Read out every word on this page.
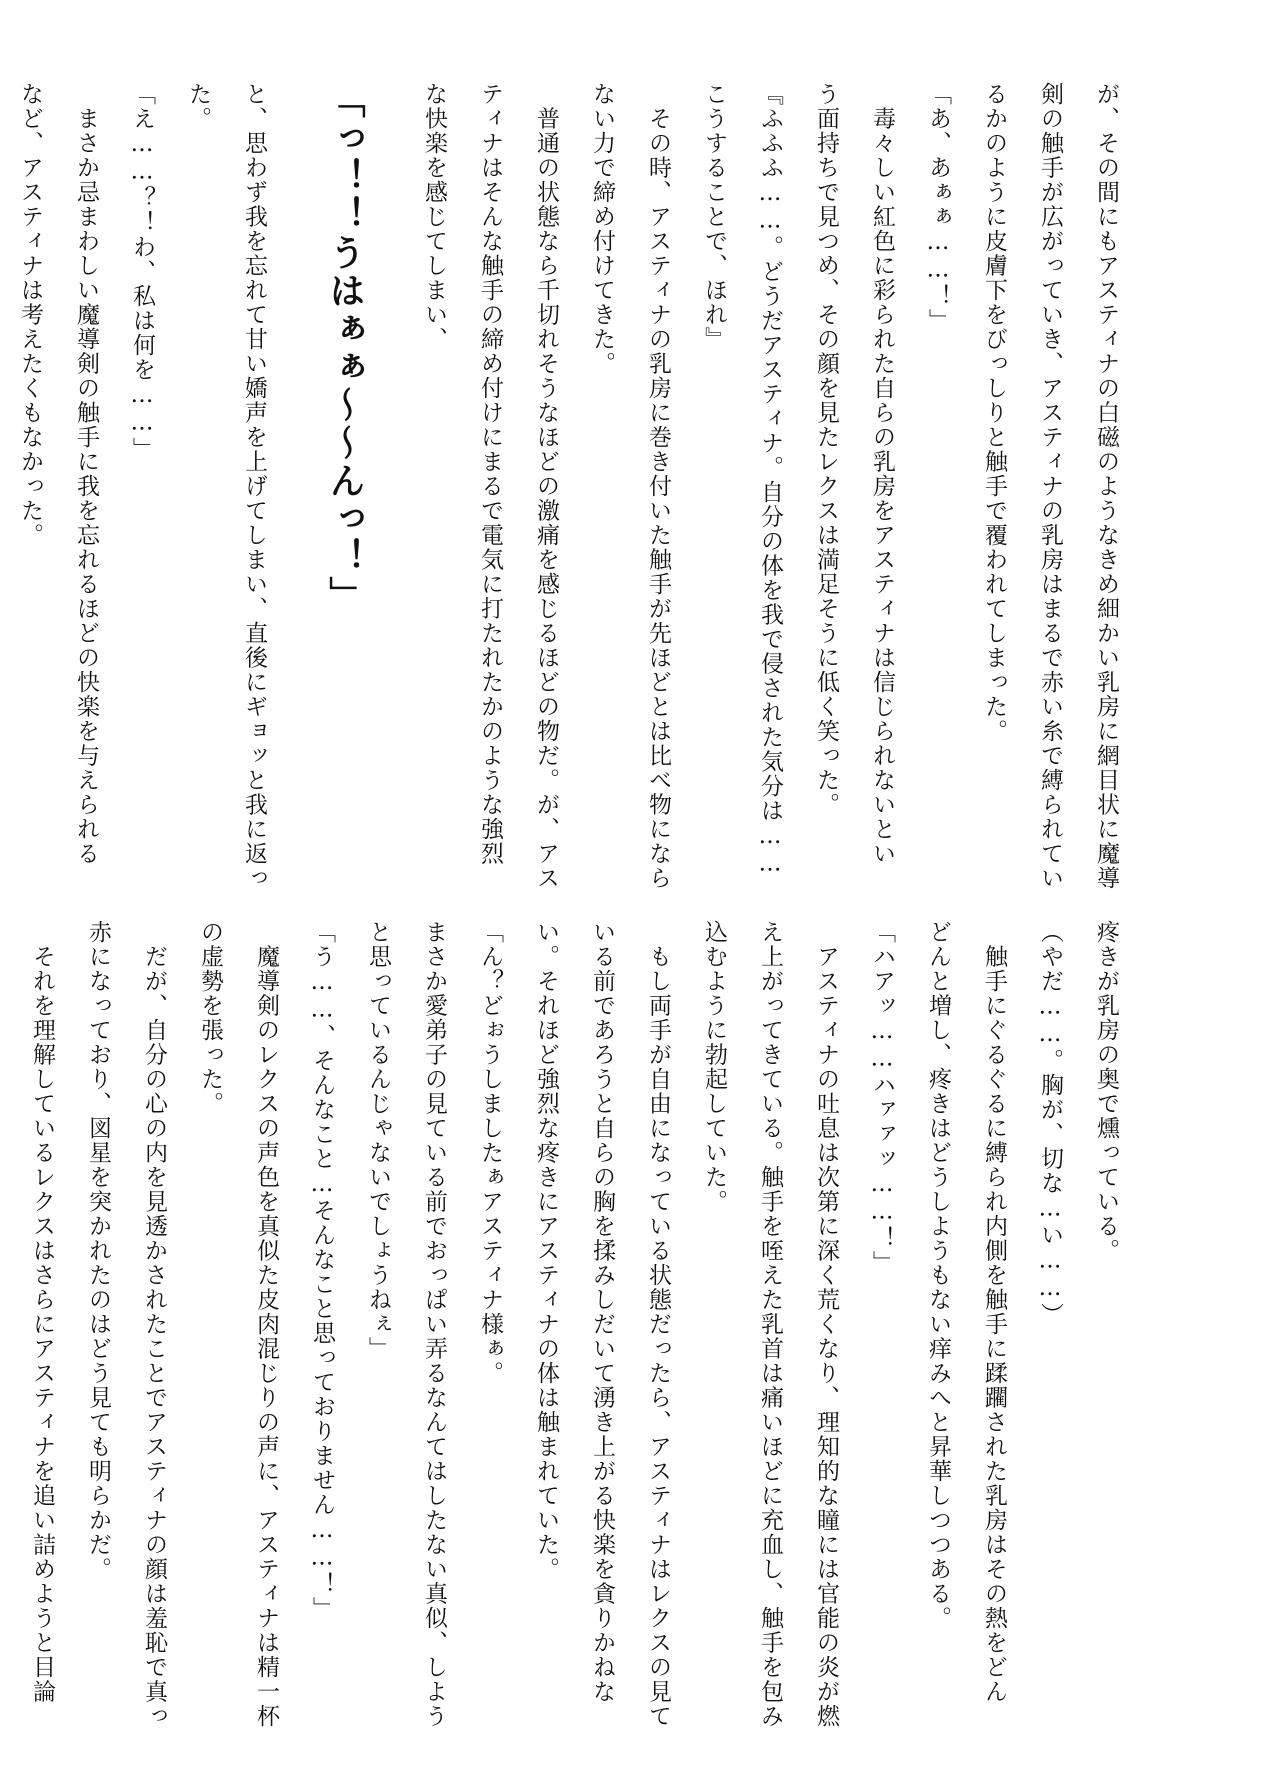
が、その間にもアスティナの白磁のようなきめ細かい乳房に網目状に魔導
剣の触手が広がっていき、アスティナの乳房はまるで赤い糸で縛られてい
るかのように皮膚下をびっしりと触手で覆われてしまった。
「あ、あぁぁ……！」
　毒々しい紅色に彩られた自らの乳房をアスティナは信じられないとい
う面持ちで見つめ、その顔を見たレクスは満足そうに低く笑った。
『ふふふ……。どうだアスティナ。自分の体を我で侵された気分は……
こうすることで、ほれ』
　その時、アスティナの乳房に巻き付いた触手が先ほどとは比べ物になら
ない力で締め付けてきた。
　普通の状態なら千切れそうなほどの激痛を感じるほどの物だ。が、アス
ティナはそんな触手の締め付けにまるで電気に打たれたかのような強烈
な快楽を感じてしまい、
「っ！！うはぁぁ〜〜んっ！」
と、思わず我を忘れて甘い嬌声を上げてしまい、直後にギョッと我に返っ
た。
「え……？！わ、私は何を……」
　まさか忌まわしい魔導剣の触手に我を忘れるほどの快楽を与えられる
など、アスティナは考えたくもなかった。
疼きが乳房の奥で燻っている。
（やだ……。胸が、切な…い……）
　触手にぐるぐるに縛られ内側を触手に蹂躙された乳房はその熱をどん
どんと増し、疼きはどうしようもない痒みへと昇華しつつある。
「ハアッ……ハァァッ……！」
　アスティナの吐息は次第に深く荒くなり、理知的な瞳には官能の炎が燃
え上がってきている。触手を咥えた乳首は痛いほどに充血し、触手を包み
込むように勃起していた。
　もし両手が自由になっている状態だったら、アスティナはレクスの見て
いる前であろうと自らの胸を揉みしだいて湧き上がる快楽を貪りかねな
い。それほど強烈な疼きにアスティナの体は触まれていた。
「ん？どぉうしましたぁアスティナ様ぁ。
まさか愛弟子の見ている前でおっぱい弄るなんてはしたない真似、しよう
と思っているんじゃないでしょうねぇ」
「う……、そんなこと…そんなこと思っておりません……！」
　魔導剣のレクスの声色を真似た皮肉混じりの声に、アスティナは精一杯
の虚勢を張った。
　だが、自分の心の内を見透かされたことでアスティナの顔は羞恥で真っ
赤になっており、図星を突かれたのはどう見ても明らかだ。
　それを理解しているレクスはさらにアスティナを追い詰めようと目論
